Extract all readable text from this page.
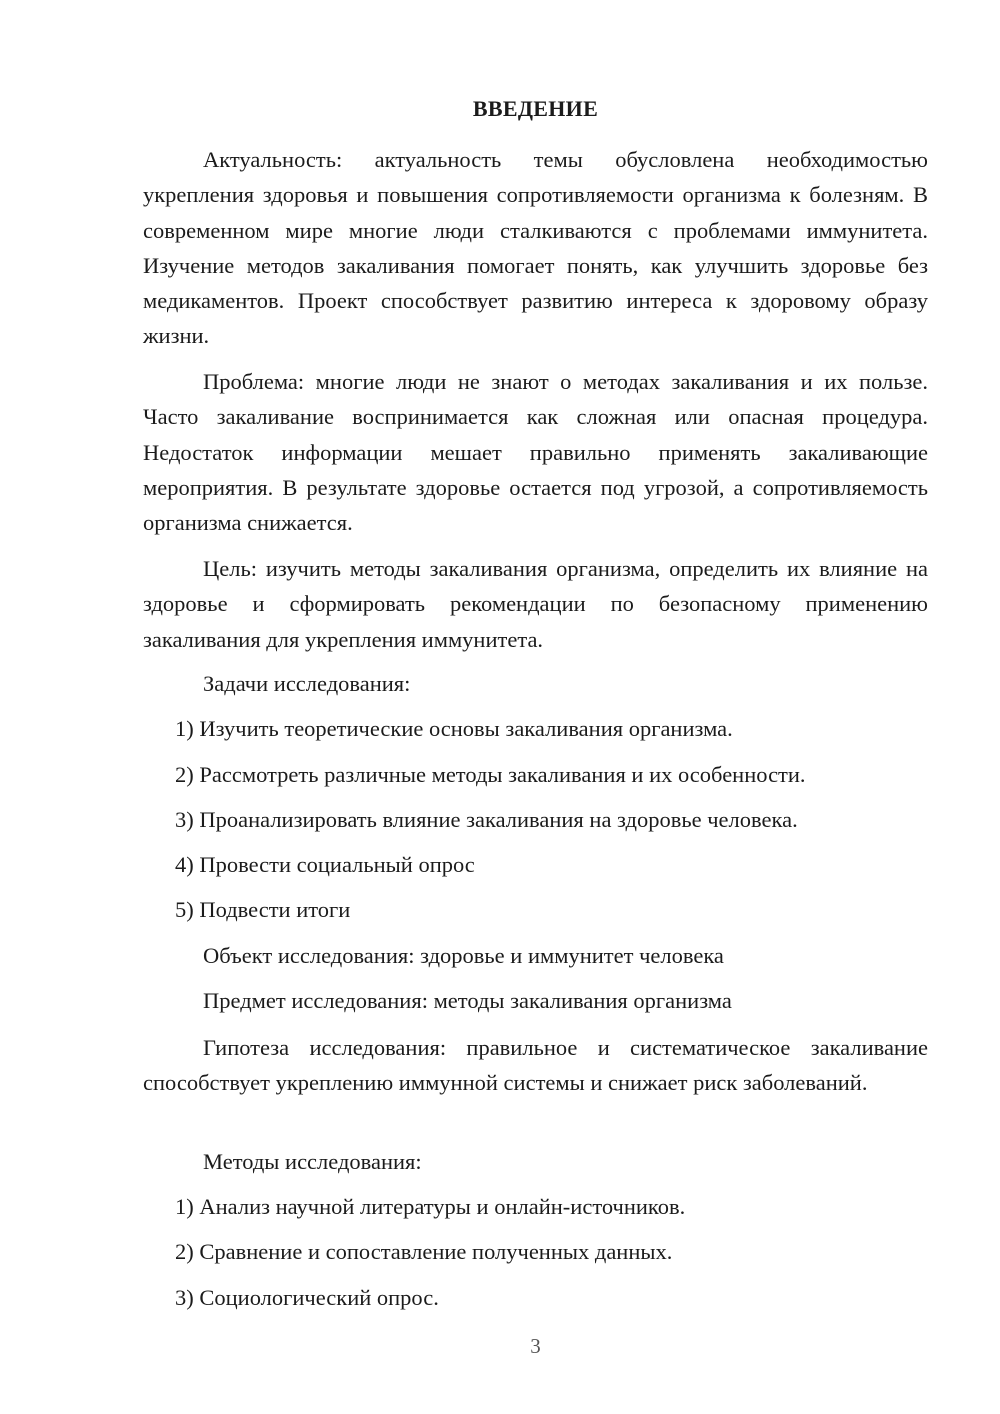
ВВЕДЕНИЕ

Актуальность: актуальность темы обусловлена необходимостью укрепления здоровья и повышения сопротивляемости организма к болезням. В современном мире многие люди сталкиваются с проблемами иммунитета. Изучение методов закаливания помогает понять, как улучшить здоровье без медикаментов. Проект способствует развитию интереса к здоровому образу жизни.

Проблема: многие люди не знают о методах закаливания и их пользе. Часто закаливание воспринимается как сложная или опасная процедура. Недостаток информации мешает правильно применять закаливающие мероприятия. В результате здоровье остается под угрозой, а сопротивляемость организма снижается.

Цель: изучить методы закаливания организма, определить их влияние на здоровье и сформировать рекомендации по безопасному применению закаливания для укрепления иммунитета.

Задачи исследования:
1) Изучить теоретические основы закаливания организма.
2) Рассмотреть различные методы закаливания и их особенности.
3) Проанализировать влияние закаливания на здоровье человека.
4) Провести социальный опрос
5) Подвести итоги
Объект исследования: здоровье и иммунитет человека
Предмет исследования: методы закаливания организма

Гипотеза исследования: правильное и систематическое закаливание способствует укреплению иммунной системы и снижает риск заболеваний.

Методы исследования:
1) Анализ научной литературы и онлайн-источников.
2) Сравнение и сопоставление полученных данных.
3) Социологический опрос.
3
